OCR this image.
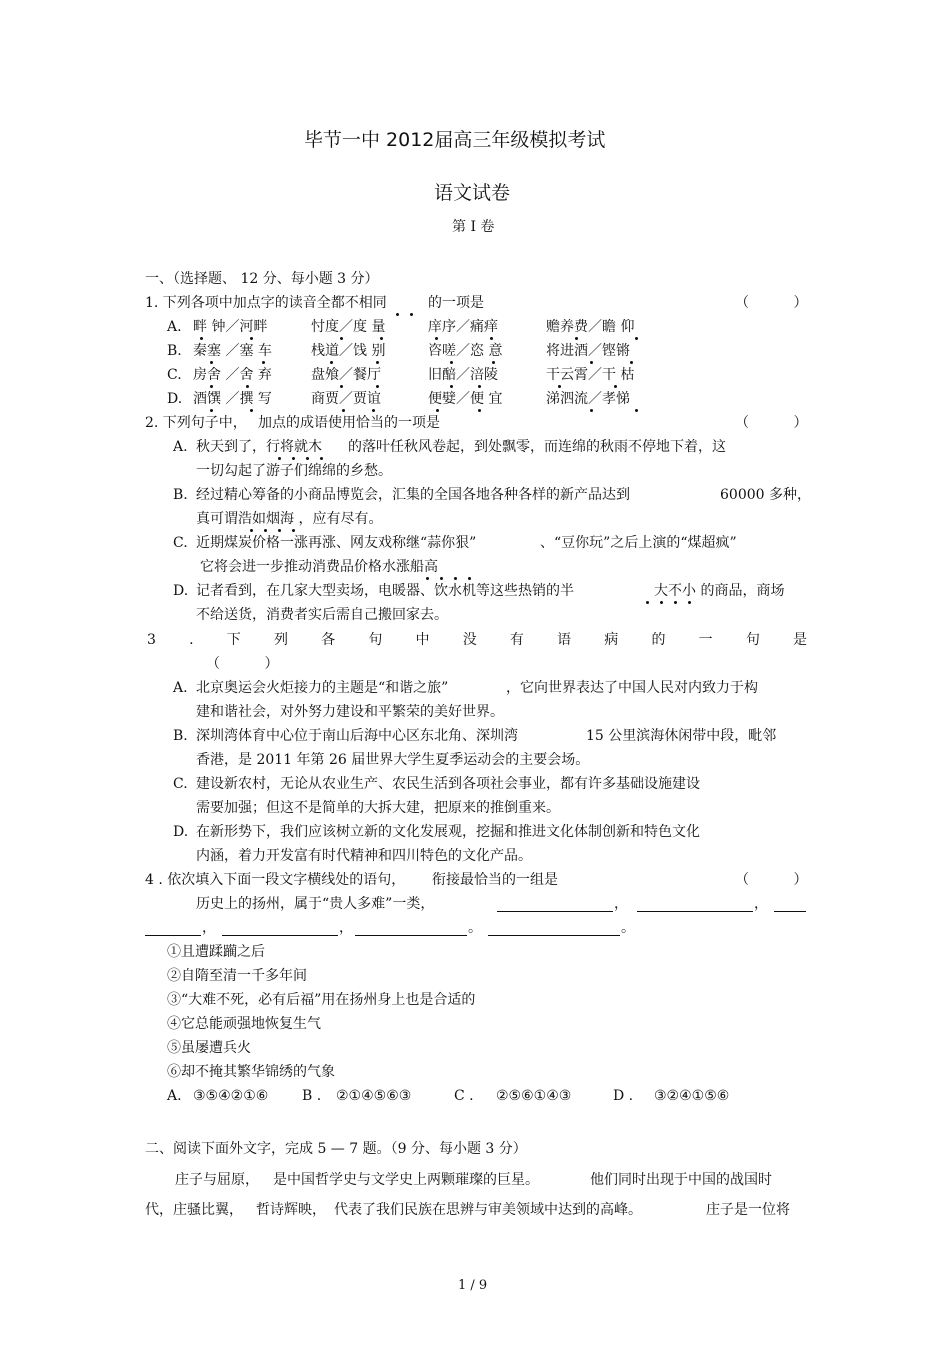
毕节一中 2012届高三年级模拟考试
语文试卷
第 I 卷
一、（选择题、 12 分、每小题 3 分）
1. 下列各项中加点字的读音全都不相同	的一项是	（ ）
A. 畔 钟／河畔	忖度／度 量	庠序／痛痒	赡养费／瞻 仰
B. 秦塞 ／塞 车	栈道／饯 别	咨嗟／恣 意	将进酒／铿锵
C. 房舍 ／舍 弃	盘飧／餐厅	旧醅／涪陵	干云霄／干 枯
D. 酒馔 ／撰 写	商贾／贾谊	便嬖／便 宜	涕泗流／孝悌
2. 下列句子中， 加点的成语使用恰当的一项是	（ ）
A. 秋天到了，行将就木 的落叶任秋风卷起，到处飘零，而连绵的秋雨不停地下着，这
一切勾起了游子们绵绵的乡愁。
B. 经过精心筹备的小商品博览会，汇集的全国各地各种各样的新产品达到	60000 多种，
真可谓浩如烟海 ，应有尽有。
C. 近期煤炭价格一涨再涨、网友戏称继“蒜你狠”	、“豆你玩”之后上演的“煤超疯”
它将会进一步推动消费品价格水涨船高
D. 记者看到，在几家大型卖场，电暖器、饮水机等这些热销的半	大不小 的商品，商场
不给送货，消费者实后需自己搬回家去。
3 . 下 列 各 句 中 没 有 语 病 的 一 句 是
（ ）
A. 北京奥运会火炬接力的主题是“和谐之旅”	，它向世界表达了中国人民对内致力于构
建和谐社会，对外努力建设和平繁荣的美好世界。
B. 深圳湾体育中心位于南山后海中心区东北角、深圳湾	15 公里滨海休闲带中段，毗邻
香港，是 2011 年第 26 届世界大学生夏季运动会的主要会场。
C. 建设新农村，无论从农业生产、农民生活到各项社会事业，都有许多基础设施建设
需要加强；但这不是简单的大拆大建，把原来的推倒重来。
D. 在新形势下，我们应该树立新的文化发展观，挖掘和推进文化体制创新和特色文化
内涵，着力开发富有时代精神和四川特色的文化产品。
4 . 依次填入下面一段文字横线处的语句， 衔接最恰当的一组是	（ ）
历史上的扬州，属于“贵人多难”一类，	，	，
，	，	。	。
①且遭蹂躏之后
②自隋至清一千多年间
③“大难不死，必有后福”用在扬州身上也是合适的
④它总能顽强地恢复生气
⑤虽屡遭兵火
⑥却不掩其繁华锦绣的气象
A. ③⑤④②①⑥ B . ②①④⑤⑥③	C . ②⑤⑥①④③	D . ③②④①⑤⑥
二、阅读下面外文字，完成 5 — 7 题。（9 分、每小题 3 分）
庄子与屈原， 是中国哲学史与文学史上两颗璀璨的巨星。	他们同时出现于中国的战国时
代，庄骚比翼， 哲诗辉映， 代表了我们民族在思辨与审美领域中达到的高峰。	庄子是一位将
1 / 9
